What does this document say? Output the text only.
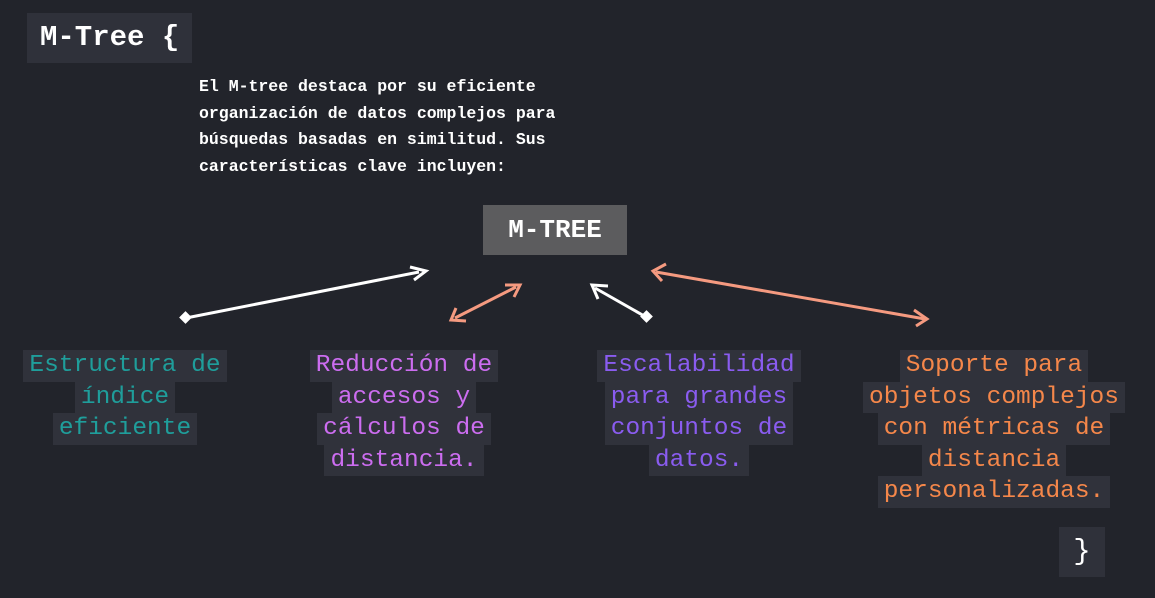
M-Tree {
El M-tree destaca por su eficiente
organización de datos complejos para
búsquedas basadas en similitud. Sus
características clave incluyen:
M-TREE
Estructura de
índice
eficiente
Reducción de
accesos y
cálculos de
distancia.
Escalabilidad
para grandes
conjuntos de
datos.
Soporte para
objetos complejos
con métricas de
distancia
personalizadas.
}
